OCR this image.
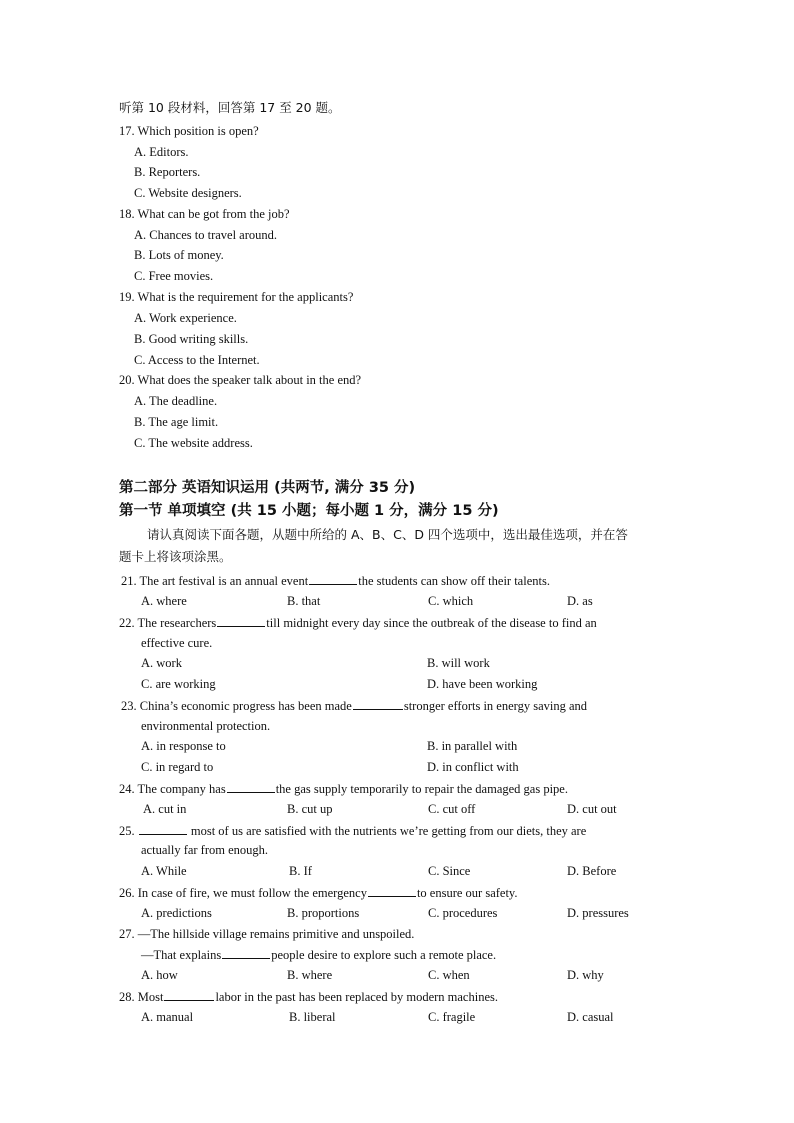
听第 10 段材料，回答第 17 至 20 题。
17. Which position is open?
A. Editors.
B. Reporters.
C. Website designers.
18. What can be got from the job?
A. Chances to travel around.
B. Lots of money.
C. Free movies.
19. What is the requirement for the applicants?
A. Work experience.
B. Good writing skills.
C. Access to the Internet.
20. What does the speaker talk about in the end?
A. The deadline.
B. The age limit.
C. The website address.
第二部分 英语知识运用 (共两节, 满分 35 分)
第一节 单项填空 (共 15 小题；每小题 1 分，满分 15 分)
请认真阅读下面各题，从题中所给的 A、B、C、D 四个选项中，选出最佳选项，并在答
题卡上将该项涂黑。
21. The art festival is an annual event	the students can show off their talents.
A. where	B. that	C. which	D. as
22. The researchers	till midnight every day since the outbreak of the disease to find an
effective cure.
A. work	B. will work
C. are working	D. have been working
23. China’s economic progress has been made	stronger efforts in energy saving and
environmental protection.
A. in response to	B. in parallel with
C. in regard to	D. in conflict with
24. The company has	the gas supply temporarily to repair the damaged gas pipe.
A. cut in	B. cut up	C. cut off	D. cut out
25.	most of us are satisfied with the nutrients we’re getting from our diets, they are
actually far from enough.
A. While	B. If	C. Since	D. Before
26. In case of fire, we must follow the emergency	to ensure our safety.
A. predictions	B. proportions	C. procedures	D. pressures
27. —The hillside village remains primitive and unspoiled.
—That explains	people desire to explore such a remote place.
A. how	B. where	C. when	D. why
28. Most	labor in the past has been replaced by modern machines.
A. manual	B. liberal	C. fragile	D. casual
